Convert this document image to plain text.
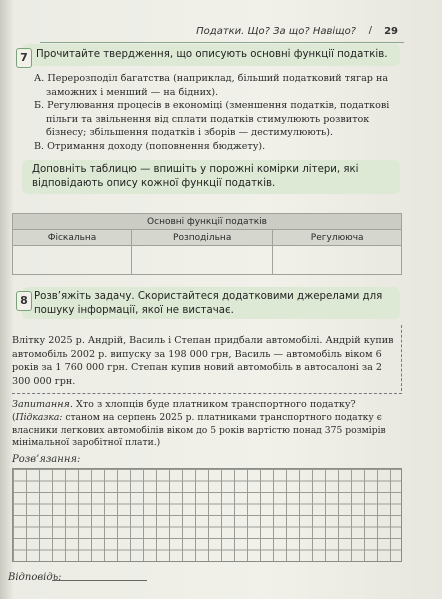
Податки. Що? За що? Навіщо? / 29
7 Прочитайте твердження, що описують основні функції податків.

А. Перерозподіл багатства (наприклад, більший податковий тягар на заможних і менший — на бідних).

Б. Регулювання процесів в економіці (зменшення податків, податкові пільги та звільнення від сплати податків стимулюють розвиток бізнесу; збільшення податків і зборів — дестимулюють).

В. Отримання доходу (поповнення бюджету).

Доповніть таблицю — впишіть у порожні комірки літери, які відповідають опису кожної функції податків.
Основні функції податків		
Фіскальна	Розподільна	Регулююча

8 Розв’яжіть задачу. Скористайтеся додатковими джерелами для пошуку інформації, якої не вистачає.
Влітку 2025 р. Андрій, Василь і Степан придбали автомобілі. Андрій купив автомобіль 2002 р. випуску за 198 000 грн, Василь — автомобіль віком 6 років за 1 760 000 грн. Степан купив новий автомобіль в автосалоні за 2 300 000 грн.

Запитання. Хто з хлопців буде платником транспортного податку?

(Підказка: станом на серпень 2025 р. платниками транспортного податку є власники легкових автомобілів віком до 5 років вартістю понад 375 розмірів мінімальної заробітної плати.)
Розв’язання:
Відповідь:
